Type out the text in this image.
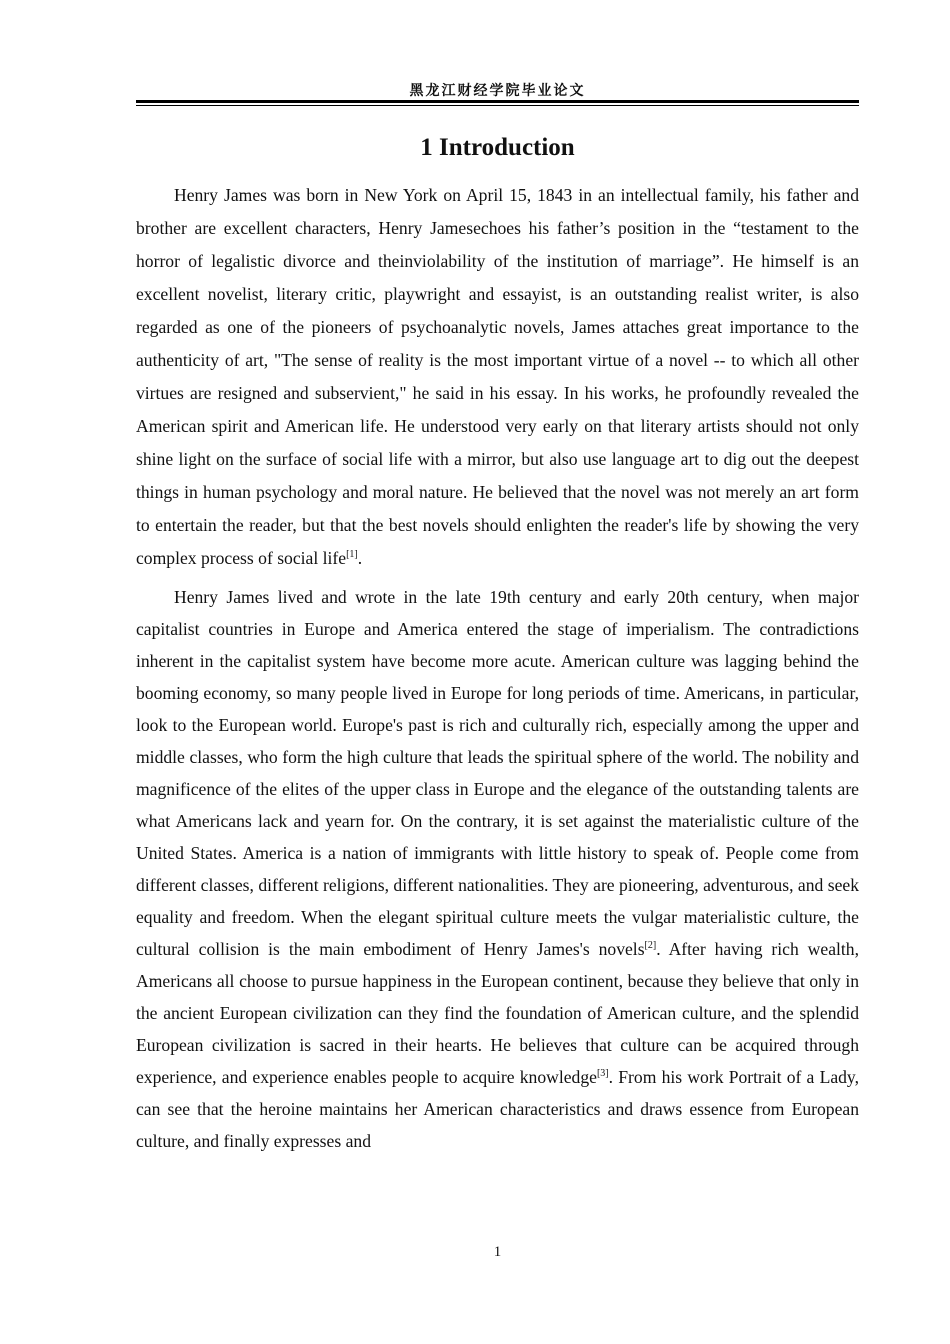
黑龙江财经学院毕业论文
1 Introduction

Henry James was born in New York on April 15, 1843 in an intellectual family, his father and brother are excellent characters, Henry Jamesechoes his father’s position in the “testament to the horror of legalistic divorce and theinviolability of the institution of marriage”. He himself is an excellent novelist, literary critic, playwright and essayist, is an outstanding realist writer, is also regarded as one of the pioneers of psychoanalytic novels, James attaches great importance to the authenticity of art, "The sense of reality is the most important virtue of a novel -- to which all other virtues are resigned and subservient," he said in his essay. In his works, he profoundly revealed the American spirit and American life. He understood very early on that literary artists should not only shine light on the surface of social life with a mirror, but also use language art to dig out the deepest things in human psychology and moral nature. He believed that the novel was not merely an art form to entertain the reader, but that the best novels should enlighten the reader's life by showing the very complex process of social life[1].

Henry James lived and wrote in the late 19th century and early 20th century, when major capitalist countries in Europe and America entered the stage of imperialism. The contradictions inherent in the capitalist system have become more acute. American culture was lagging behind the booming economy, so many people lived in Europe for long periods of time. Americans, in particular, look to the European world. Europe's past is rich and culturally rich, especially among the upper and middle classes, who form the high culture that leads the spiritual sphere of the world. The nobility and magnificence of the elites of the upper class in Europe and the elegance of the outstanding talents are what Americans lack and yearn for. On the contrary, it is set against the materialistic culture of the United States. America is a nation of immigrants with little history to speak of. People come from different classes, different religions, different nationalities. They are pioneering, adventurous, and seek equality and freedom. When the elegant spiritual culture meets the vulgar materialistic culture, the cultural collision is the main embodiment of Henry James's novels[2]. After having rich wealth, Americans all choose to pursue happiness in the European continent, because they believe that only in the ancient European civilization can they find the foundation of American culture, and the splendid European civilization is sacred in their hearts. He believes that culture can be acquired through experience, and experience enables people to acquire knowledge[3]. From his work Portrait of a Lady, can see that the heroine maintains her American characteristics and draws essence from European culture, and finally expresses and

1
